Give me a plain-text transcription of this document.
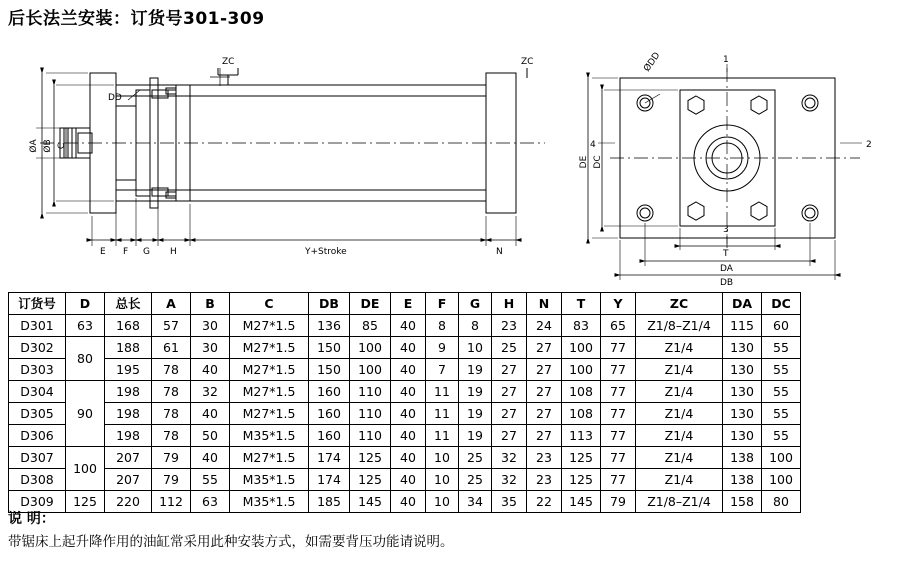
后长法兰安装：订货号301-309
ZC	ZC
DD
ØA ØB C
E F G H	Y+Stroke	N
ØDD	1
2
3
4
DE DC
T
DA
DB
订货号	D	总长	A	B	C	DB	DE	E	F	G	H	N	T	Y	ZC	DA	DC
D301	63	168	57	30	M27*1.5	136	85	40	8	8	23	24	83	65	Z1/8–Z1/4	115	60
D302	80	188	61	30	M27*1.5	150	100	40	9	10	25	27	100	77	Z1/4	130	55
D303		195	78	40	M27*1.5	150	100	40	7	19	27	27	100	77	Z1/4	130	55
D304	90	198	78	32	M27*1.5	160	110	40	11	19	27	27	108	77	Z1/4	130	55
D305		198	78	40	M27*1.5	160	110	40	11	19	27	27	108	77	Z1/4	130	55
D306		198	78	50	M35*1.5	160	110	40	11	19	27	27	113	77	Z1/4	130	55
D307	100	207	79	40	M27*1.5	174	125	40	10	25	32	23	125	77	Z1/4	138	100
D308		207	79	55	M35*1.5	174	125	40	10	25	32	23	125	77	Z1/4	138	100
D309	125	220	112	63	M35*1.5	185	145	40	10	34	35	22	145	79	Z1/8–Z1/4	158	80
说 明：
带锯床上起升降作用的油缸常采用此种安装方式，如需要背压功能请说明。
